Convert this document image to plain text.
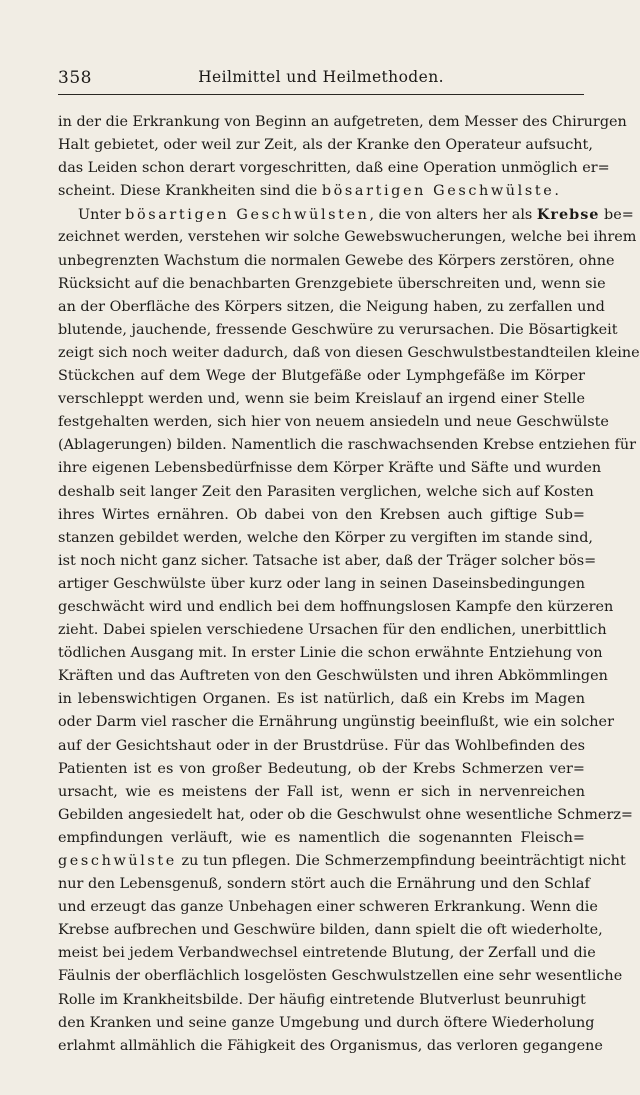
358	Heilmittel und Heilmethoden.
in der die Erkrankung von Beginn an aufgetreten, dem Messer des Chirurgen
Halt gebietet, oder weil zur Zeit, als der Kranke den Operateur aufsucht,
das Leiden schon derart vorgeschritten, daß eine Operation unmöglich er=
scheint. Diese Krankheiten sind die bösartigen Geschwülste.
Unter bösartigen Geschwülsten, die von alters her als Krebse be=
zeichnet werden, verstehen wir solche Gewebswucherungen, welche bei ihrem
unbegrenzten Wachstum die normalen Gewebe des Körpers zerstören, ohne
Rücksicht auf die benachbarten Grenzgebiete überschreiten und, wenn sie
an der Oberfläche des Körpers sitzen, die Neigung haben, zu zerfallen und
blutende, jauchende, fressende Geschwüre zu verursachen. Die Bösartigkeit
zeigt sich noch weiter dadurch, daß von diesen Geschwulstbestandteilen kleine
Stückchen auf dem Wege der Blutgefäße oder Lymphgefäße im Körper
verschleppt werden und, wenn sie beim Kreislauf an irgend einer Stelle
festgehalten werden, sich hier von neuem ansiedeln und neue Geschwülste
(Ablagerungen) bilden. Namentlich die raschwachsenden Krebse entziehen für
ihre eigenen Lebensbedürfnisse dem Körper Kräfte und Säfte und wurden
deshalb seit langer Zeit den Parasiten verglichen, welche sich auf Kosten
ihres Wirtes ernähren. Ob dabei von den Krebsen auch giftige Sub=
stanzen gebildet werden, welche den Körper zu vergiften im stande sind,
ist noch nicht ganz sicher. Tatsache ist aber, daß der Träger solcher bös=
artiger Geschwülste über kurz oder lang in seinen Daseinsbedingungen
geschwächt wird und endlich bei dem hoffnungslosen Kampfe den kürzeren
zieht. Dabei spielen verschiedene Ursachen für den endlichen, unerbittlich
tödlichen Ausgang mit. In erster Linie die schon erwähnte Entziehung von
Kräften und das Auftreten von den Geschwülsten und ihren Abkömmlingen
in lebenswichtigen Organen. Es ist natürlich, daß ein Krebs im Magen
oder Darm viel rascher die Ernährung ungünstig beeinflußt, wie ein solcher
auf der Gesichtshaut oder in der Brustdrüse. Für das Wohlbefinden des
Patienten ist es von großer Bedeutung, ob der Krebs Schmerzen ver=
ursacht, wie es meistens der Fall ist, wenn er sich in nervenreichen
Gebilden angesiedelt hat, oder ob die Geschwulst ohne wesentliche Schmerz=
empfindungen verläuft, wie es namentlich die sogenannten Fleisch=
geschwülste zu tun pflegen. Die Schmerzempfindung beeinträchtigt nicht
nur den Lebensgenuß, sondern stört auch die Ernährung und den Schlaf
und erzeugt das ganze Unbehagen einer schweren Erkrankung. Wenn die
Krebse aufbrechen und Geschwüre bilden, dann spielt die oft wiederholte,
meist bei jedem Verbandwechsel eintretende Blutung, der Zerfall und die
Fäulnis der oberflächlich losgelösten Geschwulstzellen eine sehr wesentliche
Rolle im Krankheitsbilde. Der häufig eintretende Blutverlust beunruhigt
den Kranken und seine ganze Umgebung und durch öftere Wiederholung
erlahmt allmählich die Fähigkeit des Organismus, das verloren gegangene
